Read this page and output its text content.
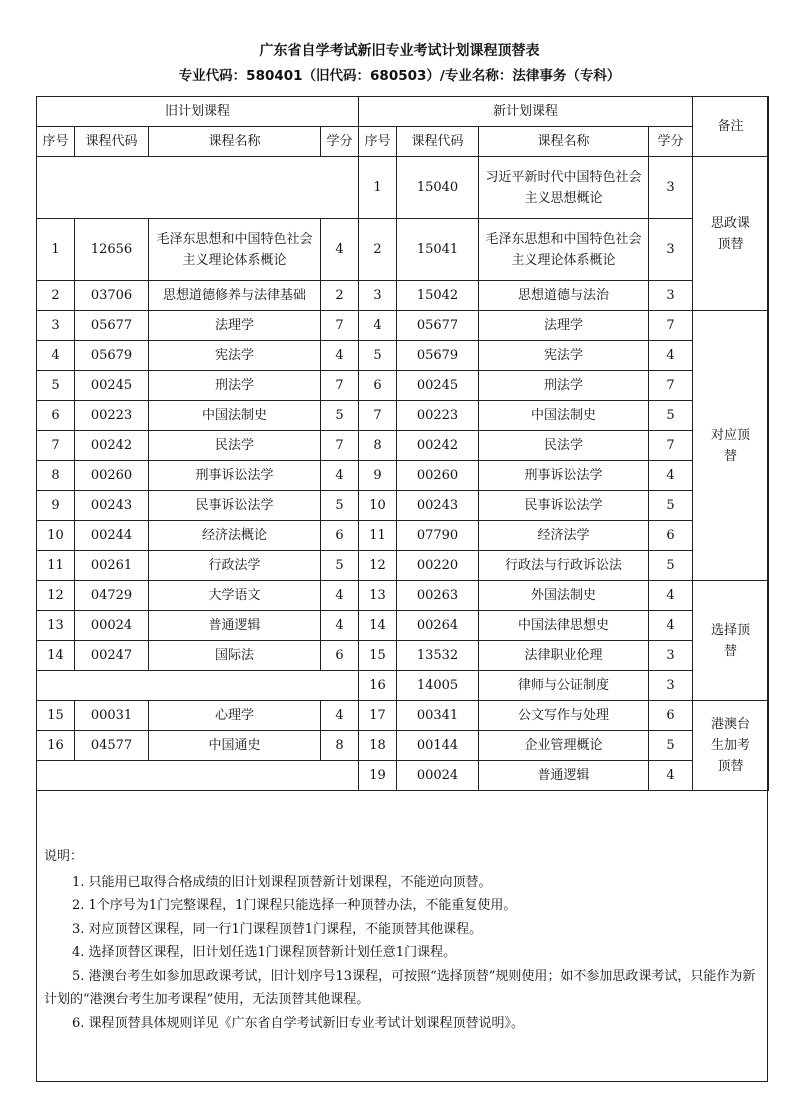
广东省自学考试新旧专业考试计划课程顶替表
专业代码：580401（旧代码：680503）/专业名称：法律事务（专科）
旧计划课程				新计划课程				备注
序号	课程代码	课程名称	学分	序号	课程代码	课程名称	学分	
				1	15040	习近平新时代中国特色社会主义思想概论	3	思政课顶替
1	12656	毛泽东思想和中国特色社会主义理论体系概论	4	2	15041	毛泽东思想和中国特色社会主义理论体系概论	3	
2	03706	思想道德修养与法律基础	2	3	15042	思想道德与法治	3	
3	05677	法理学	7	4	05677	法理学	7	对应顶替
4	05679	宪法学	4	5	05679	宪法学	4	
5	00245	刑法学	7	6	00245	刑法学	7	
6	00223	中国法制史	5	7	00223	中国法制史	5	
7	00242	民法学	7	8	00242	民法学	7	
8	00260	刑事诉讼法学	4	9	00260	刑事诉讼法学	4	
9	00243	民事诉讼法学	5	10	00243	民事诉讼法学	5	
10	00244	经济法概论	6	11	07790	经济法学	6	
11	00261	行政法学	5	12	00220	行政法与行政诉讼法	5	
12	04729	大学语文	4	13	00263	外国法制史	4	选择顶替
13	00024	普通逻辑	4	14	00264	中国法律思想史	4	
14	00247	国际法	6	15	13532	法律职业伦理	3	
				16	14005	律师与公证制度	3	
15	00031	心理学	4	17	00341	公文写作与处理	6	港澳台生加考顶替
16	04577	中国通史	8	18	00144	企业管理概论	5	
				19	00024	普通逻辑	4	

说明：

1. 只能用已取得合格成绩的旧计划课程顶替新计划课程，不能逆向顶替。

2. 1个序号为1门完整课程，1门课程只能选择一种顶替办法，不能重复使用。

3. 对应顶替区课程，同一行1门课程顶替1门课程，不能顶替其他课程。

4. 选择顶替区课程，旧计划任选1门课程顶替新计划任意1门课程。

5. 港澳台考生如参加思政课考试，旧计划序号13课程，可按照“选择顶替”规则使用；如不参加思政课考试，只能作为新计划的“港澳台考生加考课程”使用，无法顶替其他课程。

6. 课程顶替具体规则详见《广东省自学考试新旧专业考试计划课程顶替说明》。
